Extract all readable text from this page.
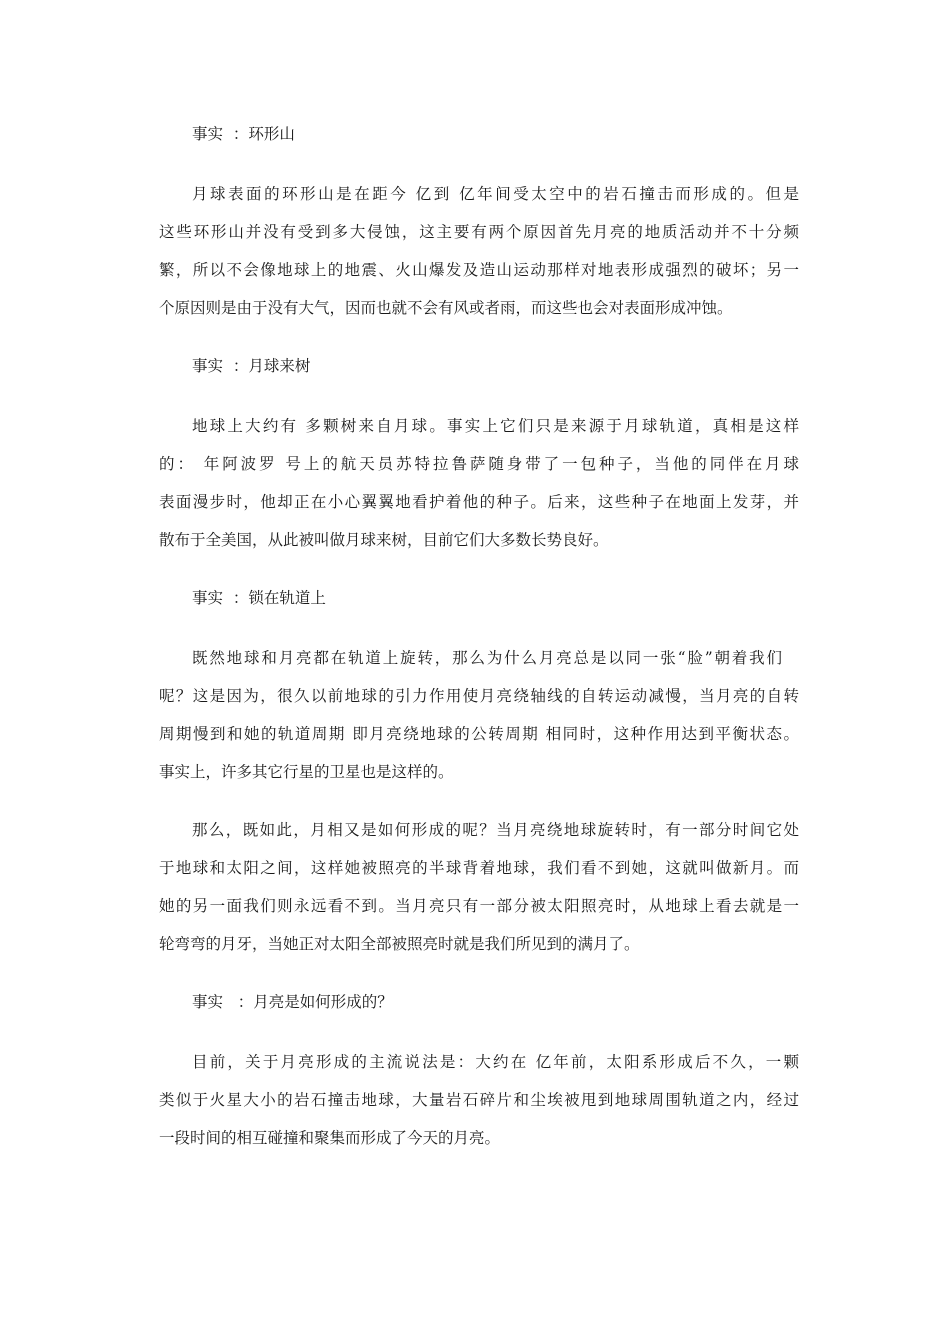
事实  ：环形山
月球表面的环形山是在距今 亿到 亿年间受太空中的岩石撞击而形成的。但是
这些环形山并没有受到多大侵蚀，这主要有两个原因首先月亮的地质活动并不十分频
繁，所以不会像地球上的地震、火山爆发及造山运动那样对地表形成强烈的破坏；另一
个原因则是由于没有大气，因而也就不会有风或者雨，而这些也会对表面形成冲蚀。
事实  ：月球来树
地球上大约有 多颗树来自月球。事实上它们只是来源于月球轨道，真相是这样
的： 年阿波罗 号上的航天员苏特拉鲁萨随身带了一包种子，当他的同伴在月球
表面漫步时，他却正在小心翼翼地看护着他的种子。后来，这些种子在地面上发芽，并
散布于全美国，从此被叫做月球来树，目前它们大多数长势良好。
事实  ：锁在轨道上
既然地球和月亮都在轨道上旋转，那么为什么月亮总是以同一张“脸”朝着我们
呢？这是因为，很久以前地球的引力作用使月亮绕轴线的自转运动减慢，当月亮的自转
周期慢到和她的轨道周期 即月亮绕地球的公转周期 相同时，这种作用达到平衡状态。
事实上，许多其它行星的卫星也是这样的。
那么，既如此，月相又是如何形成的呢？当月亮绕地球旋转时，有一部分时间它处
于地球和太阳之间，这样她被照亮的半球背着地球，我们看不到她，这就叫做新月。而
她的另一面我们则永远看不到。当月亮只有一部分被太阳照亮时，从地球上看去就是一
轮弯弯的月牙，当她正对太阳全部被照亮时就是我们所见到的满月了。
事实   ：月亮是如何形成的？
目前，关于月亮形成的主流说法是：大约在 亿年前，太阳系形成后不久，一颗
类似于火星大小的岩石撞击地球，大量岩石碎片和尘埃被甩到地球周围轨道之内，经过
一段时间的相互碰撞和聚集而形成了今天的月亮。
